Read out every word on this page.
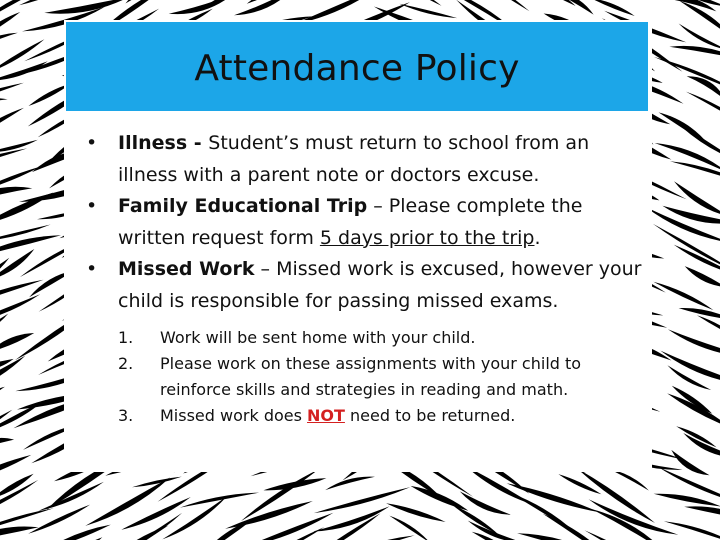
Attendance Policy
• Illness - Student’s must return to school from an illness with a parent note or doctors excuse.
• Family Educational Trip – Please complete the written request form 5 days prior to the trip.
• Missed Work – Missed work is excused, however your child is responsible for passing missed exams.
1. Work will be sent home with your child.
2. Please work on these assignments with your child to reinforce skills and strategies in reading and math.
3. Missed work does NOT need to be returned.
